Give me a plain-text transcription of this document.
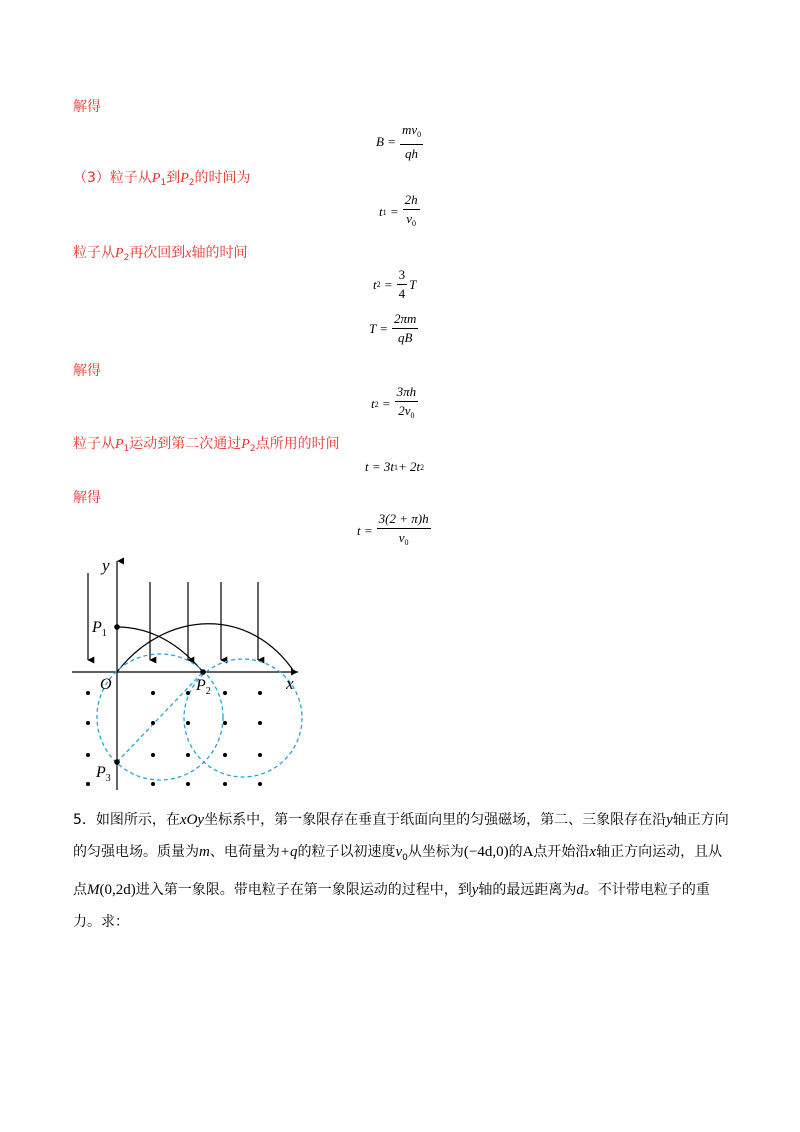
解得
$B = \frac{mv_0}{qh}$
（3）粒子从$P_1$到$P_2$的时间为
t 1
= $\frac{2h}{v_0}$
粒子从$P_2$再次回到x轴的时间
t 2
= $\frac{3}{4}$ T
$T = \frac{2\pi m}{qB}$
解得
t 2
= $\frac{3\pi h}{2v_0}$
粒子从$P_1$运动到第二次通过$P_2$点所用的时间
t = 3t 1 + 2t 2
解得
$t = \frac{3(2 + \pi)h}{v_0}$
y
x
O
$P_1$
$P_2$
$P_3$
5．如图所示，在xOy坐标系中，第一象限存在垂直于纸面向里的匀强磁场，第二、三象限存在沿y轴正方向的匀强电场。质量为m、电荷量为+q的粒子以初速度$v_0$从坐标为(−4d,0)的A点开始沿x轴正方向运动，且从点M(0,2d)进入第一象限。带电粒子在第一象限运动的过程中，到y轴的最远距离为d。不计带电粒子的重力。求：
